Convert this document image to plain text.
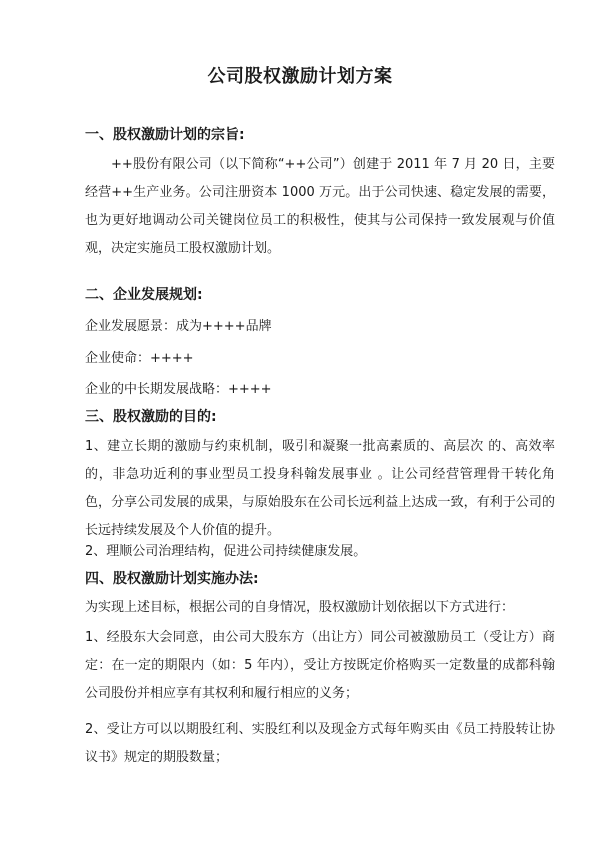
公司股权激励计划方案
一、股权激励计划的宗旨:
++股份有限公司（以下简称“++公司”）创建于 2011 年 7 月 20 日，主要经营++生产业务。公司注册资本 1000 万元。出于公司快速、稳定发展的需要，也为更好地调动公司关键岗位员工的积极性，使其与公司保持一致发展观与价值观，决定实施员工股权激励计划。
二、企业发展规划:
企业发展愿景：成为++++品牌
企业使命：++++
企业的中长期发展战略：++++
三、股权激励的目的:
1、建立长期的激励与约束机制，吸引和凝聚一批高素质的、高层次 的、高效率的，非急功近利的事业型员工投身科翰发展事业 。让公司经营管理骨干转化角色，分享公司发展的成果，与原始股东在公司长远利益上达成一致，有利于公司的长远持续发展及个人价值的提升。
2、理顺公司治理结构，促进公司持续健康发展。
四、股权激励计划实施办法:
为实现上述目标，根据公司的自身情况，股权激励计划依据以下方式进行：
1、经股东大会同意，由公司大股东方（出让方）同公司被激励员工（受让方）商定：在一定的期限内（如：5 年内），受让方按既定价格购买一定数量的成都科翰公司股份并相应享有其权利和履行相应的义务；
2、受让方可以以期股红利、实股红利以及现金方式每年购买由《员工持股转让协议书》规定的期股数量；
